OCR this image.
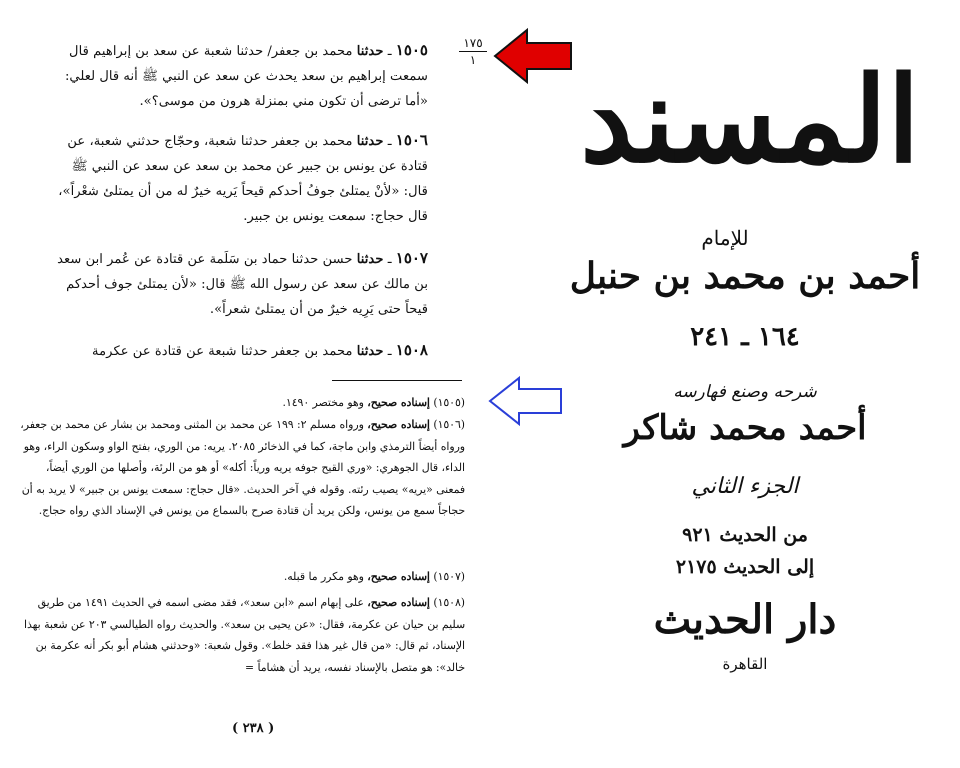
١٧٥
١
١٥٠٥ ـ حدثنا محمد بن جعفر/ حدثنا شعبة عن سعد بن إبراهيم قال سمعت إبراهيم بن سعد يحدث عن سعد عن النبي ﷺ أنه قال لعلي: «أما ترضى أن تكون مني بمنزلة هرون من موسى؟».
١٥٠٦ ـ حدثنا محمد بن جعفر حدثنا شعبة، وحجّاج حدثني شعبة، عن قتادة عن يونس بن جبير عن محمد بن سعد عن سعد عن النبي ﷺ قال: «لأنْ يمتلئ جوفُ أحدكم قيحاً يَريه خيرٌ له من أن يمتلئ شعْراً»، قال حجاج: سمعت يونس بن جبير.
١٥٠٧ ـ حدثنا حسن حدثنا حماد بن سَلَمة عن قتادة عن عُمر ابن سعد بن مالك عن سعد عن رسول الله ﷺ قال: «لأن يمتلئ جوف أحدكم قيحاً حتى يَرِيه خيرٌ من أن يمتلئ شعراً».
١٥٠٨ ـ حدثنا محمد بن جعفر حدثنا شبعة عن قتادة عن عكرمة
(١٥٠٥) إسناده صحيح، وهو مختصر ١٤٩٠.
(١٥٠٦) إسناده صحيح، ورواه مسلم ٢: ١٩٩ عن محمد بن المثنى ومحمد بن بشار عن محمد بن جعفر، ورواه أيضاً الترمذي وابن ماجة، كما في الذخائر ٢٠٨٥. يريه: من الوري، بفتح الواو وسكون الراء، وهو الداء، قال الجوهري: «وري القيح جوفه يريه ورياً: أكله» أو هو من الرئة، وأصلها من الوري أيضاً، فمعنى «يريه» يصيب رئته. وقوله في آخر الحديث. «قال حجاج: سمعت يونس بن جبير» لا يريد به أن حجاجاً سمع من يونس، ولكن يريد أن قتادة صرح بالسماع من يونس في الإسناد الذي رواه حجاج.
(١٥٠٧) إسناده صحيح، وهو مكرر ما قبله.
(١٥٠٨) إسناده صحيح، على إبهام اسم «ابن سعد»، فقد مضى اسمه في الحديث ١٤٩١ من طريق سليم بن حيان عن عكرمة، فقال: «عن يحيى بن سعد». والحديث رواه الطيالسي ٢٠٣ عن شعبة بهذا الإسناد، ثم قال: «من قال غير هذا فقد خلط». وقول شعبة: «وحدثني هشام أبو بكر أنه عكرمة بن خالد»: هو متصل بالإسناد نفسه، يريد أن هشاماً =
( ٢٣٨ )
المسند
للإمام
أحمد بن محمد بن حنبل
١٦٤ ـ ٢٤١
شرحه وصنع فهارسه
أحمد محمد شاكر
الجزء الثاني
من الحديث ٩٢١
إلى الحديث ٢١٧٥
دار الحديث
القاهرة
